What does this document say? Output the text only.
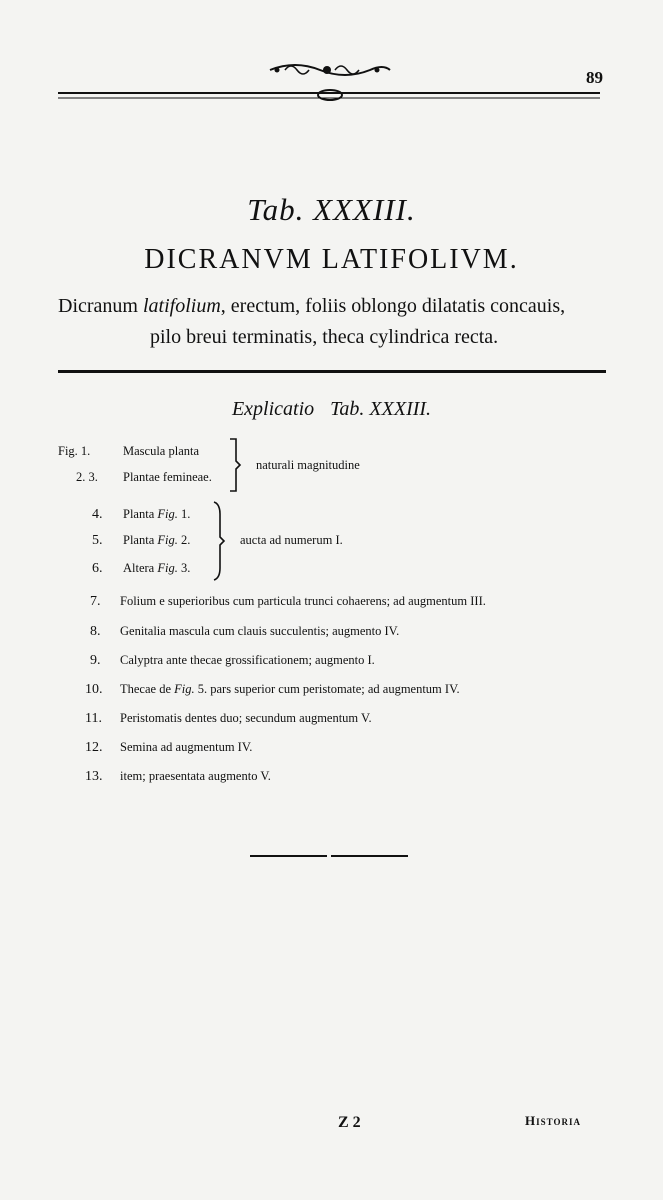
89
Tab. XXXIII.
DICRANVM LATIFOLIVM.
Dicranum latifolium, erectum, foliis oblongo dilatatis concauis,
pilo breui terminatis, theca cylindrica recta.
Explicatio Tab. XXXIII.
Fig. 1.	Mascula planta
2. 3. Plantae femineae.
naturali magnitudine
4. Planta Fig. 1.
5. Planta Fig. 2.
6. Altera Fig. 3.
aucta ad numerum I.
7. Folium e superioribus cum particula trunci cohaerens; ad augmentum III.
8. Genitalia mascula cum clauis succulentis; augmento IV.
9. Calyptra ante thecae grossificationem; augmento I.
10. Thecae de Fig. 5. pars superior cum peristomate; ad augmentum IV.
11. Peristomatis dentes duo; secundum augmentum V.
12. Semina ad augmentum IV.
13. item; praesentata augmento V.
Z 2	Historia
